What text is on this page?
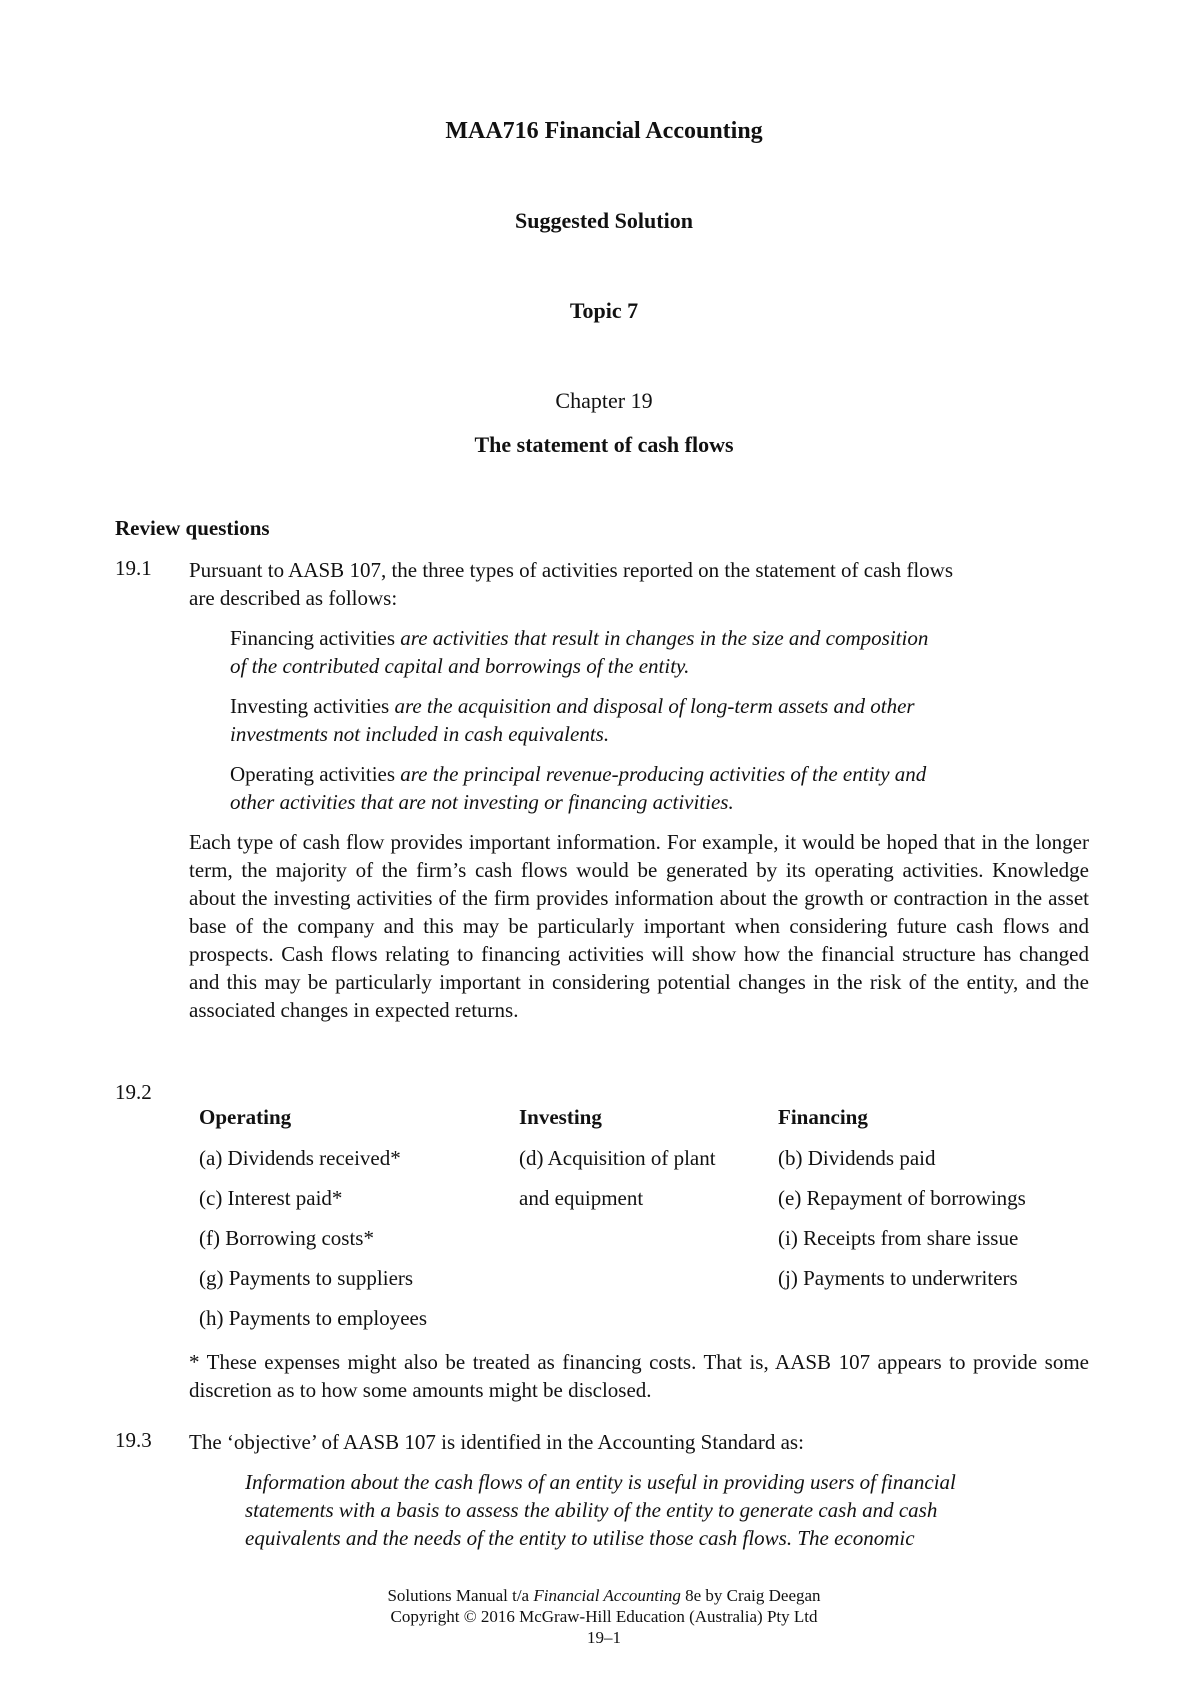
MAA716 Financial Accounting
Suggested Solution
Topic 7
Chapter 19
The statement of cash flows
Review questions
19.1 Pursuant to AASB 107, the three types of activities reported on the statement of cash flows
are described as follows:
Financing activities are activities that result in changes in the size and composition
of the contributed capital and borrowings of the entity.
Investing activities are the acquisition and disposal of long-term assets and other
investments not included in cash equivalents.
Operating activities are the principal revenue-producing activities of the entity and
other activities that are not investing or financing activities.
Each type of cash flow provides important information. For example, it would be hoped that in the longer term, the majority of the firm’s cash flows would be generated by its operating activities. Knowledge about the investing activities of the firm provides information about the growth or contraction in the asset base of the company and this may be particularly important when considering future cash flows and prospects. Cash flows relating to financing activities will show how the financial structure has changed and this may be particularly important in considering potential changes in the risk of the entity, and the associated changes in expected returns.
19.2
Operating	Investing	Financing
(a) Dividends received*
(c) Interest paid*
(f) Borrowing costs*
(g) Payments to suppliers
(h) Payments to employees
(d) Acquisition of plant
and equipment
(b) Dividends paid
(e) Repayment of borrowings
(i) Receipts from share issue
(j) Payments to underwriters
* These expenses might also be treated as financing costs. That is, AASB 107 appears to provide some discretion as to how some amounts might be disclosed.
19.3 The ‘objective’ of AASB 107 is identified in the Accounting Standard as:
Information about the cash flows of an entity is useful in providing users of financial
statements with a basis to assess the ability of the entity to generate cash and cash
equivalents and the needs of the entity to utilise those cash flows. The economic
Solutions Manual t/a Financial Accounting 8e by Craig Deegan
Copyright © 2016 McGraw-Hill Education (Australia) Pty Ltd
19–1
